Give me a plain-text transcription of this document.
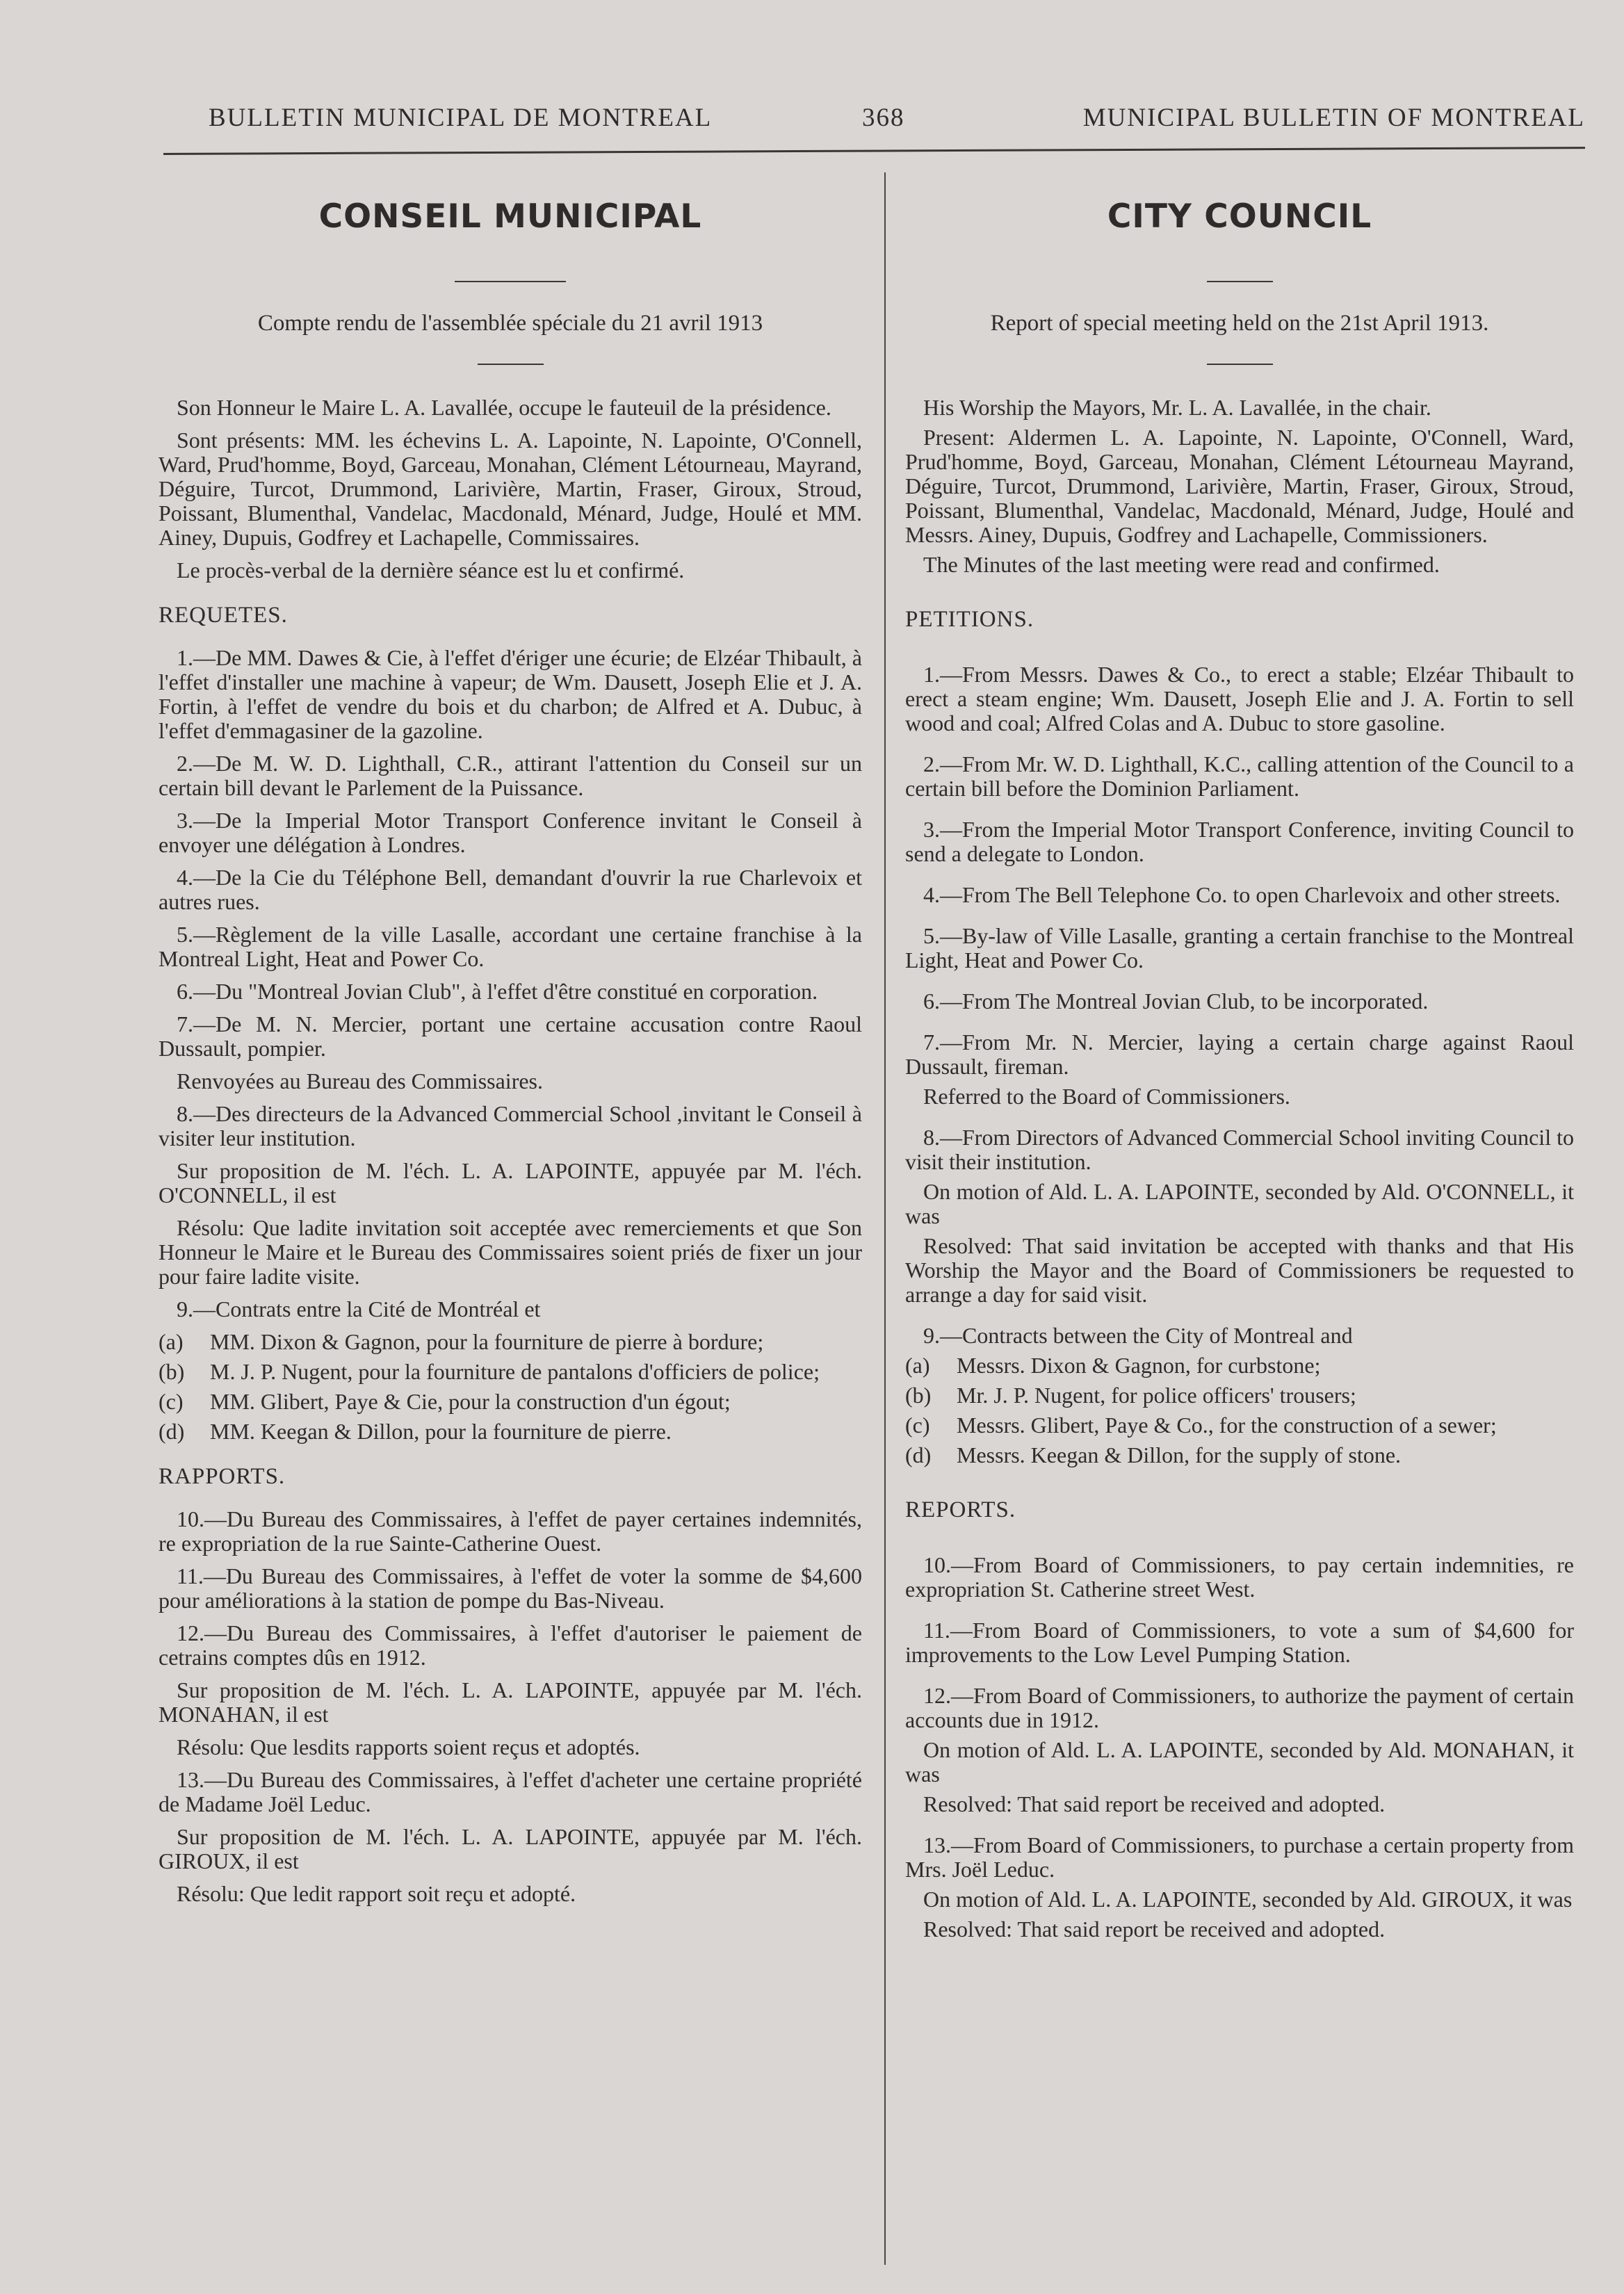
BULLETIN MUNICIPAL DE MONTREAL	368	MUNICIPAL BULLETIN OF MONTREAL
CONSEIL MUNICIPAL
Compte rendu de l'assemblée spéciale du 21 avril 1913

Son Honneur le Maire L. A. Lavallée, occupe le fauteuil de la présidence.

Sont présents: MM. les échevins L. A. Lapointe, N. Lapointe, O'Connell, Ward, Prud'homme, Boyd, Garceau, Monahan, Clément Létourneau, Mayrand, Déguire, Turcot, Drummond, Larivière, Martin, Fraser, Giroux, Stroud, Poissant, Blumenthal, Vandelac, Macdonald, Ménard, Judge, Houlé et MM. Ainey, Dupuis, Godfrey et Lachapelle, Commissaires.

Le procès-verbal de la dernière séance est lu et confirmé.

REQUETES.

1.—De MM. Dawes & Cie, à l'effet d'ériger une écurie; de Elzéar Thibault, à l'effet d'installer une machine à vapeur; de Wm. Dausett, Joseph Elie et J. A. Fortin, à l'effet de vendre du bois et du charbon; de Alfred et A. Dubuc, à l'effet d'emmagasiner de la gazoline.

2.—De M. W. D. Lighthall, C.R., attirant l'attention du Conseil sur un certain bill devant le Parlement de la Puissance.

3.—De la Imperial Motor Transport Conference invitant le Conseil à envoyer une délégation à Londres.

4.—De la Cie du Téléphone Bell, demandant d'ouvrir la rue Charlevoix et autres rues.

5.—Règlement de la ville Lasalle, accordant une certaine franchise à la Montreal Light, Heat and Power Co.

6.—Du "Montreal Jovian Club", à l'effet d'être constitué en corporation.

7.—De M. N. Mercier, portant une certaine accusation contre Raoul Dussault, pompier.

Renvoyées au Bureau des Commissaires.

8.—Des directeurs de la Advanced Commercial School ,invitant le Conseil à visiter leur institution.

Sur proposition de M. l'éch. L. A. LAPOINTE, appuyée par M. l'éch. O'CONNELL, il est

Résolu: Que ladite invitation soit acceptée avec remerciements et que Son Honneur le Maire et le Bureau des Commissaires soient priés de fixer un jour pour faire ladite visite.

9.—Contrats entre la Cité de Montréal et

(a)	MM. Dixon & Gagnon, pour la fourniture de pierre à bordure;
(b)	M. J. P. Nugent, pour la fourniture de pantalons d'officiers de police;
(c)	MM. Glibert, Paye & Cie, pour la construction d'un égout;
(d)	MM. Keegan & Dillon, pour la fourniture de pierre.
RAPPORTS.

10.—Du Bureau des Commissaires, à l'effet de payer certaines indemnités, re expropriation de la rue Sainte-Catherine Ouest.

11.—Du Bureau des Commissaires, à l'effet de voter la somme de $4,600 pour améliorations à la station de pompe du Bas-Niveau.

12.—Du Bureau des Commissaires, à l'effet d'autoriser le paiement de cetrains comptes dûs en 1912.

Sur proposition de M. l'éch. L. A. LAPOINTE, appuyée par M. l'éch. MONAHAN, il est

Résolu: Que lesdits rapports soient reçus et adoptés.

13.—Du Bureau des Commissaires, à l'effet d'acheter une certaine propriété de Madame Joël Leduc.

Sur proposition de M. l'éch. L. A. LAPOINTE, appuyée par M. l'éch. GIROUX, il est

Résolu: Que ledit rapport soit reçu et adopté.

CITY COUNCIL
Report of special meeting held on the 21st April 1913.

His Worship the Mayors, Mr. L. A. Lavallée, in the chair.

Present: Aldermen L. A. Lapointe, N. Lapointe, O'Connell, Ward, Prud'homme, Boyd, Garceau, Monahan, Clément Létourneau Mayrand, Déguire, Turcot, Drummond, Larivière, Martin, Fraser, Giroux, Stroud, Poissant, Blumenthal, Vandelac, Macdonald, Ménard, Judge, Houlé and Messrs. Ainey, Dupuis, Godfrey and Lachapelle, Commissioners.

The Minutes of the last meeting were read and confirmed.

PETITIONS.

1.—From Messrs. Dawes & Co., to erect a stable; Elzéar Thibault to erect a steam engine; Wm. Dausett, Joseph Elie and J. A. Fortin to sell wood and coal; Alfred Colas and A. Dubuc to store gasoline.

2.—From Mr. W. D. Lighthall, K.C., calling attention of the Council to a certain bill before the Dominion Parliament.

3.—From the Imperial Motor Transport Conference, inviting Council to send a delegate to London.

4.—From The Bell Telephone Co. to open Charlevoix and other streets.

5.—By-law of Ville Lasalle, granting a certain franchise to the Montreal Light, Heat and Power Co.

6.—From The Montreal Jovian Club, to be incorporated.

7.—From Mr. N. Mercier, laying a certain charge against Raoul Dussault, fireman.

Referred to the Board of Commissioners.

8.—From Directors of Advanced Commercial School inviting Council to visit their institution.

On motion of Ald. L. A. LAPOINTE, seconded by Ald. O'CONNELL, it was

Resolved: That said invitation be accepted with thanks and that His Worship the Mayor and the Board of Commissioners be requested to arrange a day for said visit.

9.—Contracts between the City of Montreal and

(a)	Messrs. Dixon & Gagnon, for curbstone;
(b)	Mr. J. P. Nugent, for police officers' trousers;
(c)	Messrs. Glibert, Paye & Co., for the construction of a sewer;
(d)	Messrs. Keegan & Dillon, for the supply of stone.
REPORTS.

10.—From Board of Commissioners, to pay certain indemnities, re expropriation St. Catherine street West.

11.—From Board of Commissioners, to vote a sum of $4,600 for improvements to the Low Level Pumping Station.

12.—From Board of Commissioners, to authorize the payment of certain accounts due in 1912.

On motion of Ald. L. A. LAPOINTE, seconded by Ald. MONAHAN, it was

Resolved: That said report be received and adopted.

13.—From Board of Commissioners, to purchase a certain property from Mrs. Joël Leduc.

On motion of Ald. L. A. LAPOINTE, seconded by Ald. GIROUX, it was

Resolved: That said report be received and adopted.
